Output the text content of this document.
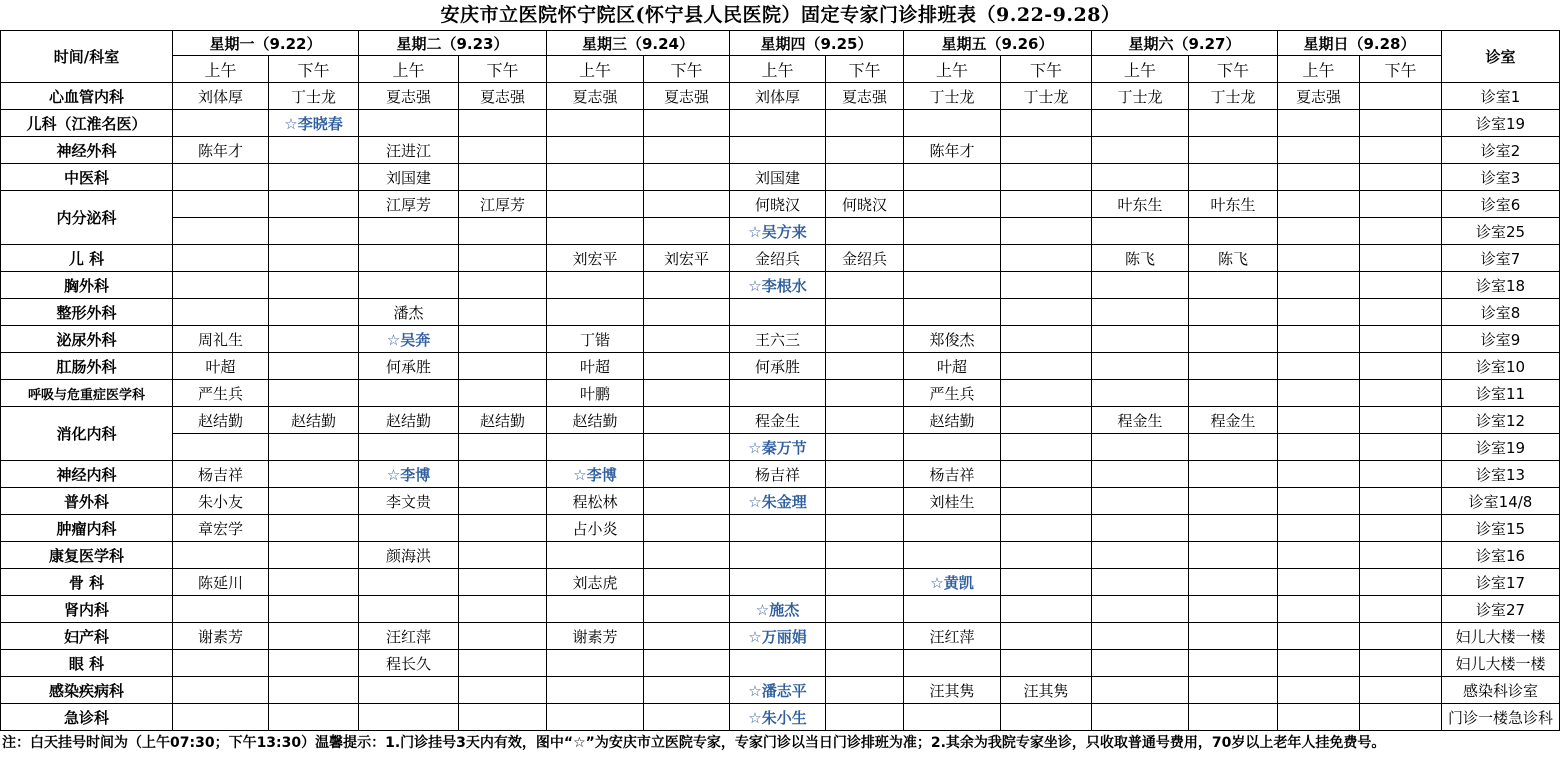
安庆市立医院怀宁院区(怀宁县人民医院）固定专家门诊排班表（9.22-9.28）
时间/科室	星期一（9.22）		星期二（9.23）		星期三（9.24）		星期四（9.25）		星期五（9.26）		星期六（9.27）		星期日（9.28）		诊室
	上午	下午	上午	下午	上午	下午	上午	下午	上午	下午	上午	下午	上午	下午	
心血管内科	刘体厚	丁士龙	夏志强	夏志强	夏志强	夏志强	刘体厚	夏志强	丁士龙	丁士龙	丁士龙	丁士龙	夏志强		诊室1
儿科（江淮名医）		☆李晓春													诊室19
神经外科	陈年才		汪进江						陈年才						诊室2
中医科			刘国建				刘国建								诊室3
内分泌科			江厚芳	江厚芳			何晓汉	何晓汉			叶东生	叶东生			诊室6
							☆吴方来								诊室25
儿 科					刘宏平	刘宏平	金绍兵	金绍兵			陈飞	陈飞			诊室7
胸外科							☆李根水								诊室18
整形外科			潘杰												诊室8
泌尿外科	周礼生		☆吴奔		丁锴		王六三		郑俊杰						诊室9
肛肠外科	叶超		何承胜		叶超		何承胜		叶超						诊室10
呼吸与危重症医学科	严生兵				叶鹏				严生兵						诊室11
消化内科	赵结勤	赵结勤	赵结勤	赵结勤	赵结勤		程金生		赵结勤		程金生	程金生			诊室12
							☆秦万节								诊室19
神经内科	杨吉祥		☆李博		☆李博		杨吉祥		杨吉祥						诊室13
普外科	朱小友		李文贵		程松林		☆朱金理		刘桂生						诊室14/8
肿瘤内科	章宏学				占小炎										诊室15
康复医学科			颜海洪												诊室16
骨 科	陈延川				刘志虎				☆黄凯						诊室17
肾内科							☆施杰								诊室27
妇产科	谢素芳		汪红萍		谢素芳		☆万丽娟		汪红萍						妇儿大楼一楼
眼 科			程长久												妇儿大楼一楼
感染疾病科							☆潘志平		汪其隽	汪其隽					感染科诊室
急诊科							☆朱小生								门诊一楼急诊科
注：白天挂号时间为（上午07:30；下午13:30）温馨提示：1.门诊挂号3天内有效，图中“☆”为安庆市立医院专家，专家门诊以当日门诊排班为准；2.其余为我院专家坐诊，只收取普通号费用，70岁以上老年人挂免费号。
